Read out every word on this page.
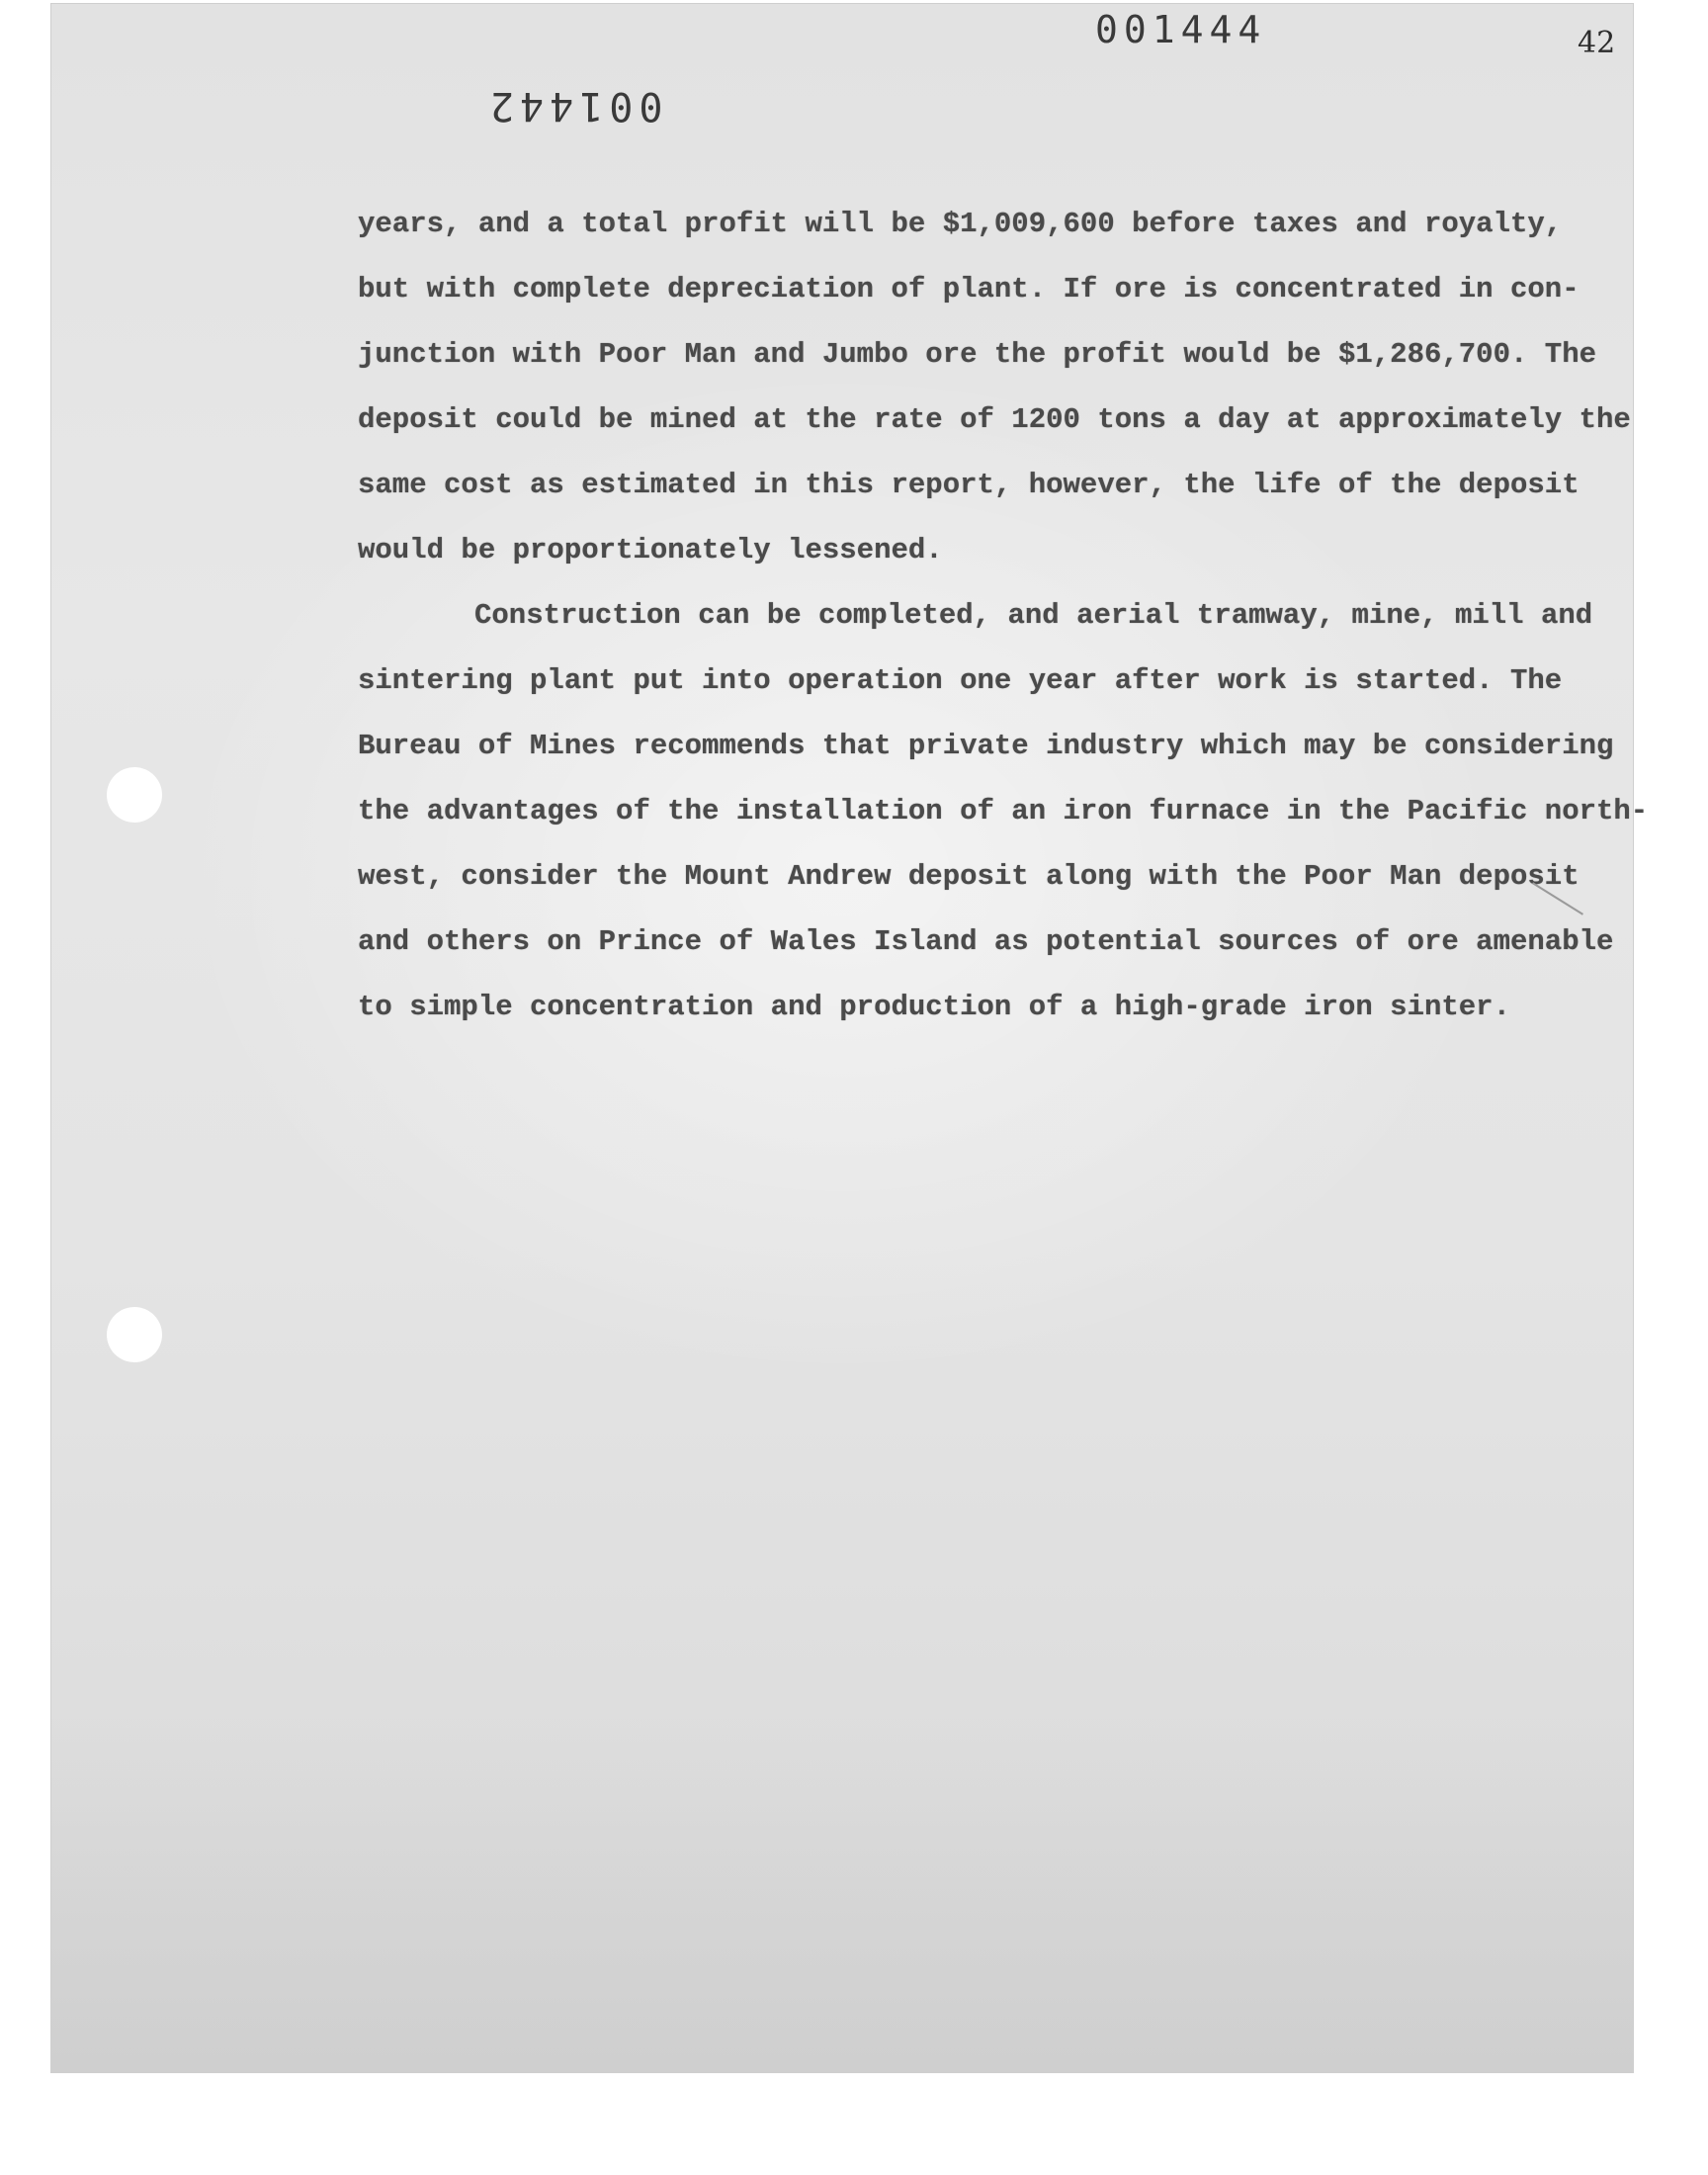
001444
001442
42
years, and a total profit will be $1,009,600 before taxes and royalty,
but with complete depreciation of plant. If ore is concentrated in con-
junction with Poor Man and Jumbo ore the profit would be $1,286,700. The
deposit could be mined at the rate of 1200 tons a day at approximately the
same cost as estimated in this report, however, the life of the deposit
would be proportionately lessened.
Construction can be completed, and aerial tramway, mine, mill and
sintering plant put into operation one year after work is started. The
Bureau of Mines recommends that private industry which may be considering
the advantages of the installation of an iron furnace in the Pacific north-
west, consider the Mount Andrew deposit along with the Poor Man deposit
and others on Prince of Wales Island as potential sources of ore amenable
to simple concentration and production of a high-grade iron sinter.
